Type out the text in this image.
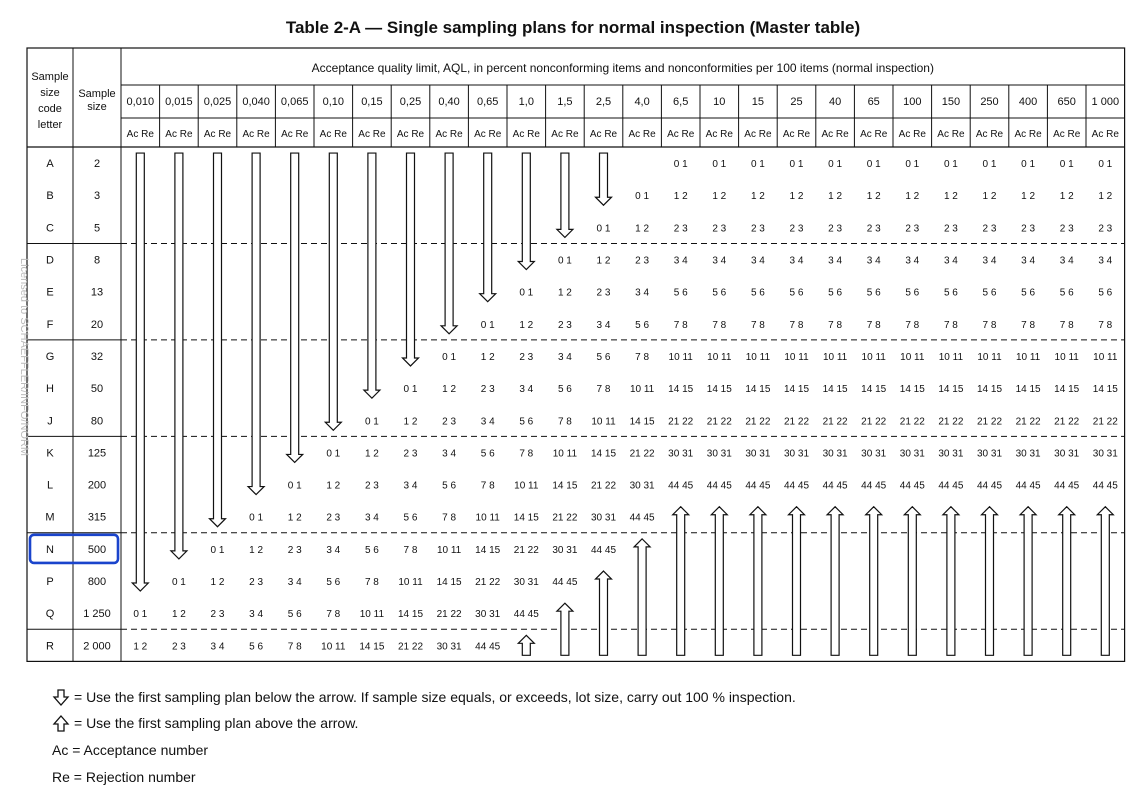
Table 2-A — Single sampling plans for normal inspection (Master table)
Sample
size
code
letter
Sample
size
Acceptance quality limit, AQL, in percent nonconforming items and nonconformities per 100 items (normal inspection)
0,010 0,015 0,025 0,040 0,065 0,10 0,15 0,25 0,40 0,65 1,0 1,5 2,5 4,0 6,5 10 15 25 40 65 100 150 250 400 650 1 000
Ac Re Ac Re Ac Re Ac Re Ac Re Ac Re Ac Re Ac Re Ac Re Ac Re Ac Re Ac Re Ac Re Ac Re Ac Re Ac Re Ac Re Ac Re Ac Re Ac Re Ac Re Ac Re Ac Re Ac Re Ac Re Ac Re
A
B
C
D
E
F
G
H
J
K
L
M
N
P
Q
R
2
3
5
8
13
20
32
50
80
125
200
315
500
800
1 250
2 000
0 1
1 2
0 1
1 2
2 3
0 1
1 2
2 3
3 4
0 1
1 2
2 3
3 4
5 6
0 1
1 2
2 3
3 4
5 6
7 8
0 1
1 2
2 3
3 4
5 6
7 8
10 11
0 1
1 2
2 3
3 4
5 6
7 8
10 11
14 15
0 1
1 2
2 3
3 4
5 6
7 8
10 11
14 15
21 22
0 1
1 2
2 3
3 4
5 6
7 8
10 11
14 15
21 22
30 31
0 1
1 2
2 3
3 4
5 6
7 8
10 11
14 15
21 22
30 31
44 45
0 1
1 2
2 3
3 4
5 6
7 8
10 11
14 15
21 22
30 31
44 45
0 1
1 2
2 3
3 4
5 6
7 8
10 11
14 15
21 22
30 31
44 45
0 1
1 2
2 3
3 4
5 6
7 8
10 11
14 15
21 22
30 31
44 45
0 1
1 2
2 3
3 4
5 6
7 8
10 11
14 15
21 22
30 31
44 45
0 1
1 2
2 3
3 4
5 6
7 8
10 11
14 15
21 22
30 31
44 45
0 1
1 2
2 3
3 4
5 6
7 8
10 11
14 15
21 22
30 31
44 45
0 1
1 2
2 3
3 4
5 6
7 8
10 11
14 15
21 22
30 31
44 45
0 1
1 2
2 3
3 4
5 6
7 8
10 11
14 15
21 22
30 31
44 45
0 1
1 2
2 3
3 4
5 6
7 8
10 11
14 15
21 22
30 31
44 45
0 1
1 2
2 3
3 4
5 6
7 8
10 11
14 15
21 22
30 31
44 45
0 1
1 2
2 3
3 4
5 6
7 8
10 11
14 15
21 22
30 31
44 45
0 1
1 2
2 3
3 4
5 6
7 8
10 11
14 15
21 22
30 31
44 45
0 1
1 2
2 3
3 4
5 6
7 8
10 11
14 15
21 22
30 31
44 45
0 1
1 2
2 3
3 4
5 6
7 8
10 11
14 15
21 22
30 31
44 45
0 1
1 2
2 3
3 4
5 6
7 8
10 11
14 15
21 22
30 31
44 45
0 1
1 2
2 3
3 4
5 6
7 8
10 11
14 15
21 22
30 31
44 45
Licensed to SCHAEFFLER/INFO/NORM
= Use the first sampling plan below the arrow. If sample size equals, or exceeds, lot size, carry out 100 % inspection.
= Use the first sampling plan above the arrow.
Ac = Acceptance number
Re = Rejection number
